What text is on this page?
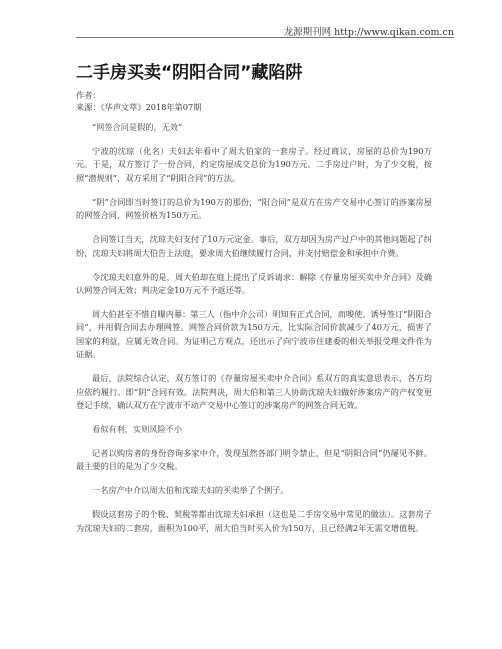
龙源期刊网 http://www.qikan.com.cn
二手房买卖“阴阳合同”藏陷阱
作者：
来源：《华声文萃》2018年第07期

“网签合同是假的，无效”

宁波的沈琼（化名）夫妇去年看中了周大伯家的一套房子。经过商议，房屋的总价为190万元。于是，双方签订了一份合同，约定房屋成交总价为190万元。二手房过户时，为了少交税，按照“潜规则”，双方采用了“阴阳合同”的方法。

“阴”合同即当时签订的总价为190万的那份，“阳合同”是双方在房产交易中心签订的涉案房屋的网签合同，网签价格为150万元。

合同签订当天，沈琼夫妇支付了10万元定金。事后，双方却因为房产过户中的其他问题起了纠纷，沈琼夫妇将周大伯告上法庭，要求周大伯继续履行合同，并支付赔偿金和承担中介费。

令沈琼夫妇意外的是，周大伯却在庭上提出了反诉请求：解除《存量房屋买卖中介合同》及确认网签合同无效；判决定金10万元不予返还等。

周大伯甚至不惜自曝内幕：第三人（指中介公司）明知有正式合同，而唆使、诱导签订“阴阳合同”，并用假合同去办理网签。网签合同价款为150万元，比实际合同价款减少了40万元，损害了国家的利益，应属无效合同。为证明己方观点，还出示了向宁波市住建委的相关举报受理文件作为证据。

最后，法院综合认定，双方签订的《存量房屋买卖中介合同》系双方的真实意思表示，各方均应依约履行。即“阴”合同有效。法院判决，周大伯和第三人协助沈琼夫妇做好涉案房产的产权变更登记手续，确认双方在宁波市不动产交易中心签订的涉案房产的网签合同无效。

看似有利，实则风险不小

记者以购房者的身份咨询多家中介，发现虽然各部门明令禁止，但是“阴阳合同”仍屡见不鲜。最主要的目的是为了少交税。

一名房产中介以周大伯和沈琼夫妇的买卖举了个例子。

假设这套房子的个税、契税等都由沈琼夫妇承担（这也是二手房交易中常见的做法）。这套房子为沈琼夫妇的二套房，面积为100平，周大伯当时买入价为150万，且已经满2年无需交增值税。
